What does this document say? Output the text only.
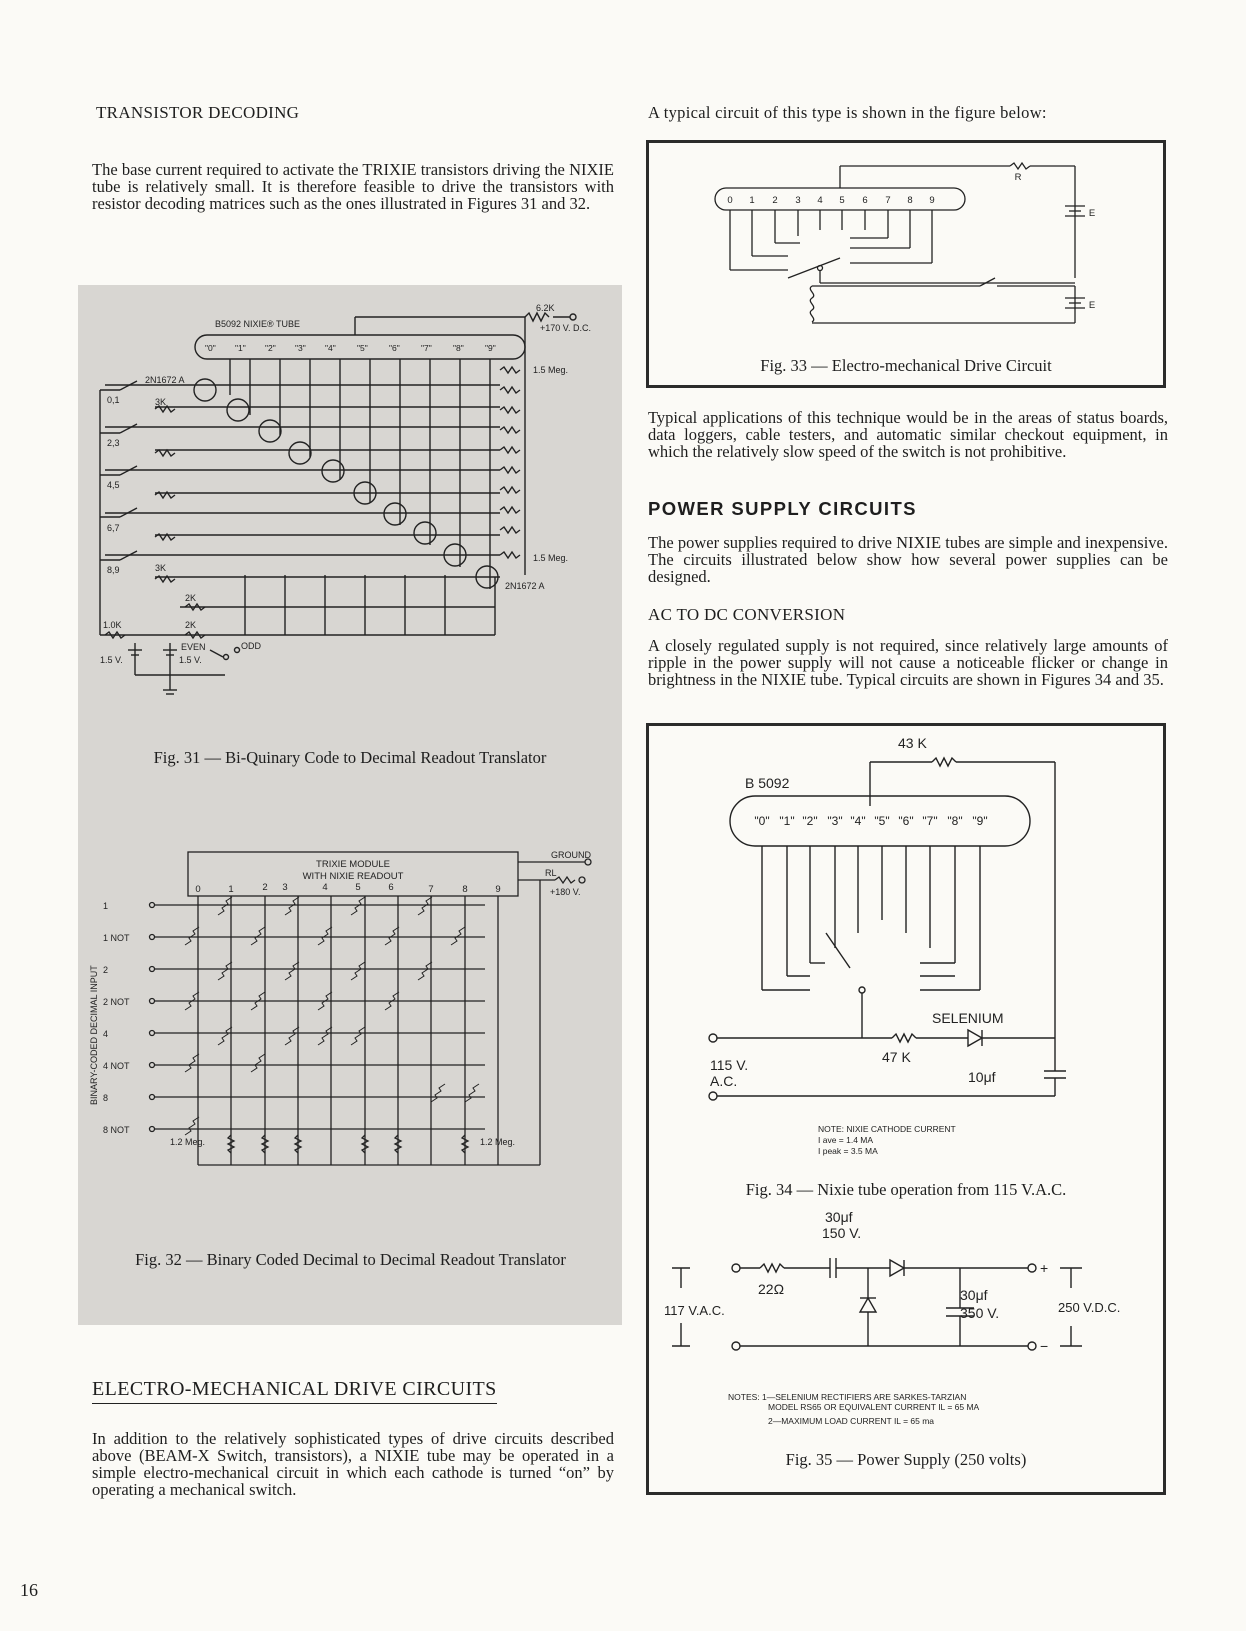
TRANSISTOR DECODING

The base current required to activate the TRIXIE transistors driving the NIXIE tube is relatively small. It is therefore feasible to drive the transistors with resistor decoding matrices such as the ones illustrated in Figures 31 and 32.

B5092 NIXIE® TUBE
6.2K
+170 V. D.C.
1.5 Meg.
1.5 Meg.
2N1672 A
2N1672 A
3K
3K
2K
2K
1.0K
1.5 V.	1.5 V.
EVEN	ODD
0,1
2,3
4,5
6,7
8,9
"0" "1" "2" "3" "4" "5" "6" "7" "8" "9"
Fig. 31 — Bi-Quinary Code to Decimal Readout Translator
TRIXIE MODULE
WITH NIXIE READOUT
0	1	2 3	4	5	6	7	8	9
GROUND
RL
+180 V.
1.2 Meg.	1.2 Meg.
1
1 NOT
2
2 NOT
4
4 NOT
8
8 NOT
BINARY-CODED DECIMAL INPUT
Fig. 32 — Binary Coded Decimal to Decimal Readout Translator
ELECTRO-MECHANICAL DRIVE CIRCUITS

In addition to the relatively sophisticated types of drive circuits described above (BEAM-X Switch, transistors), a NIXIE tube may be operated in a simple electro-mechanical circuit in which each cathode is turned “on” by operating a mechanical switch.

A typical circuit of this type is shown in the figure below:
0 1 2 3 4 5 6 7 8 9
R
E
E
Fig. 33 — Electro-mechanical Drive Circuit

Typical applications of this technique would be in the areas of status boards, data loggers, cable testers, and automatic similar checkout equipment, in which the relatively slow speed of the switch is not prohibitive.

POWER SUPPLY CIRCUITS

The power supplies required to drive NIXIE tubes are simple and inexpensive. The circuits illustrated below show how several power supplies can be designed.

AC TO DC CONVERSION

A closely regulated supply is not required, since relatively large amounts of ripple in the power supply will not cause a noticeable flicker or change in brightness in the NIXIE tube. Typical circuits are shown in Figures 34 and 35.

43 K
B 5092
SELENIUM
47 K
115 V.
A.C.	10μf
"0" "1" "2" "3" "4" "5" "6" "7" "8" "9"
NOTE: NIXIE CATHODE CURRENT
I ave = 1.4 MA
I peak = 3.5 MA
Fig. 34 — Nixie tube operation from 115 V.A.C.
30μf
150 V.
22Ω
117 V.A.C.
30μf
350 V.	250 V.D.C.
+
−
NOTES: 1—SELENIUM RECTIFIERS ARE SARKES-TARZIAN
MODEL RS65 OR EQUIVALENT CURRENT IL = 65 MA
2—MAXIMUM LOAD CURRENT IL = 65 ma
Fig. 35 — Power Supply (250 volts)
16
